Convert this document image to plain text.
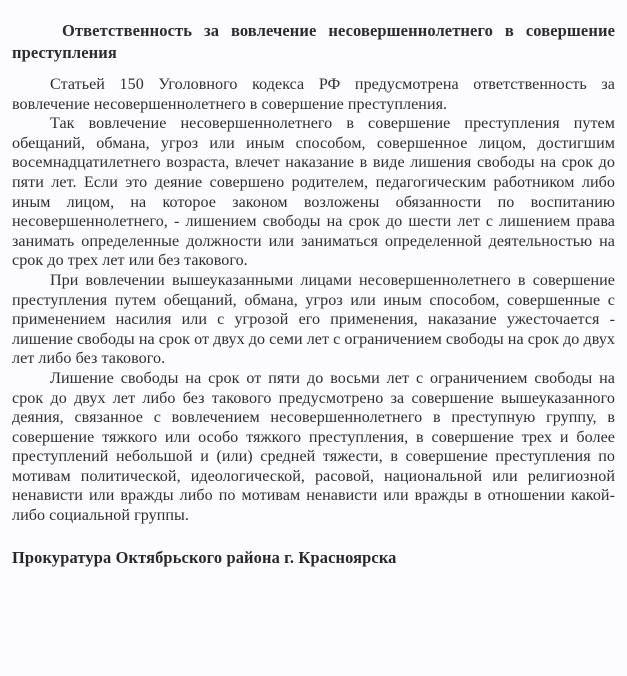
Ответственность за вовлечение несовершеннолетнего в совершение преступления

Статьей 150 Уголовного кодекса РФ предусмотрена ответственность за вовлечение несовершеннолетнего в совершение преступления.

Так вовлечение несовершеннолетнего в совершение преступления путем обещаний, обмана, угроз или иным способом, совершенное лицом, достигшим восемнадцатилетнего возраста, влечет наказание в виде лишения свободы на срок до пяти лет. Если это деяние совершено родителем, педагогическим работником либо иным лицом, на которое законом возложены обязанности по воспитанию несовершеннолетнего, - лишением свободы на срок до шести лет с лишением права занимать определенные должности или заниматься определенной деятельностью на срок до трех лет или без такового.

При вовлечении вышеуказанными лицами несовершеннолетнего в совершение преступления путем обещаний, обмана, угроз или иным способом, совершенные с применением насилия или с угрозой его применения, наказание ужесточается - лишение свободы на срок от двух до семи лет с ограничением свободы на срок до двух лет либо без такового.

Лишение свободы на срок от пяти до восьми лет с ограничением свободы на срок до двух лет либо без такового предусмотрено за совершение вышеуказанного деяния, связанное с вовлечением несовершеннолетнего в преступную группу, в совершение тяжкого или особо тяжкого преступления, в совершение трех и более преступлений небольшой и (или) средней тяжести, в совершение преступления по мотивам политической, идеологической, расовой, национальной или религиозной ненависти или вражды либо по мотивам ненависти или вражды в отношении какой-либо социальной группы.

Прокуратура Октябрьского района г. Красноярска
